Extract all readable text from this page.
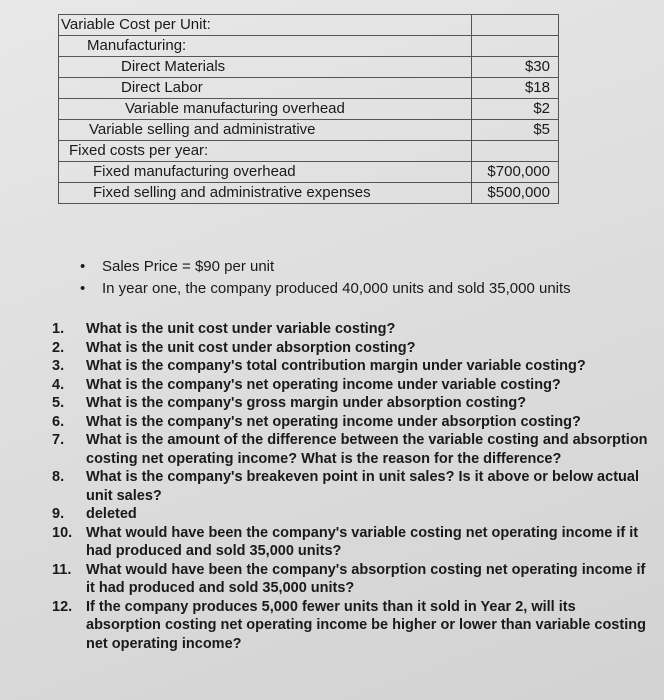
Variable Cost per Unit:	
Manufacturing:	
Direct Materials	$30
Direct Labor	$18
Variable manufacturing overhead	$2
Variable selling and administrative	$5
Fixed costs per year:	
Fixed manufacturing overhead	$700,000
Fixed selling and administrative expenses	$500,000
• Sales Price = $90 per unit
• In year one, the company produced 40,000 units and sold 35,000 units
1.	What is the unit cost under variable costing?
2.	What is the unit cost under absorption costing?
3.	What is the company's total contribution margin under variable costing?
4.	What is the company's net operating income under variable costing?
5.	What is the company's gross margin under absorption costing?
6.	What is the company's net operating income under absorption costing?
7.	What is the amount of the difference between the variable costing and absorption costing net operating income? What is the reason for the difference?
8.	What is the company's breakeven point in unit sales? Is it above or below actual unit sales?
9.	deleted
10. What would have been the company's variable costing net operating income if it had produced and sold 35,000 units?
11.	What would have been the company's absorption costing net operating income if it had produced and sold 35,000 units?
12. If the company produces 5,000 fewer units than it sold in Year 2, will its absorption costing net operating income be higher or lower than variable costing net operating income?
